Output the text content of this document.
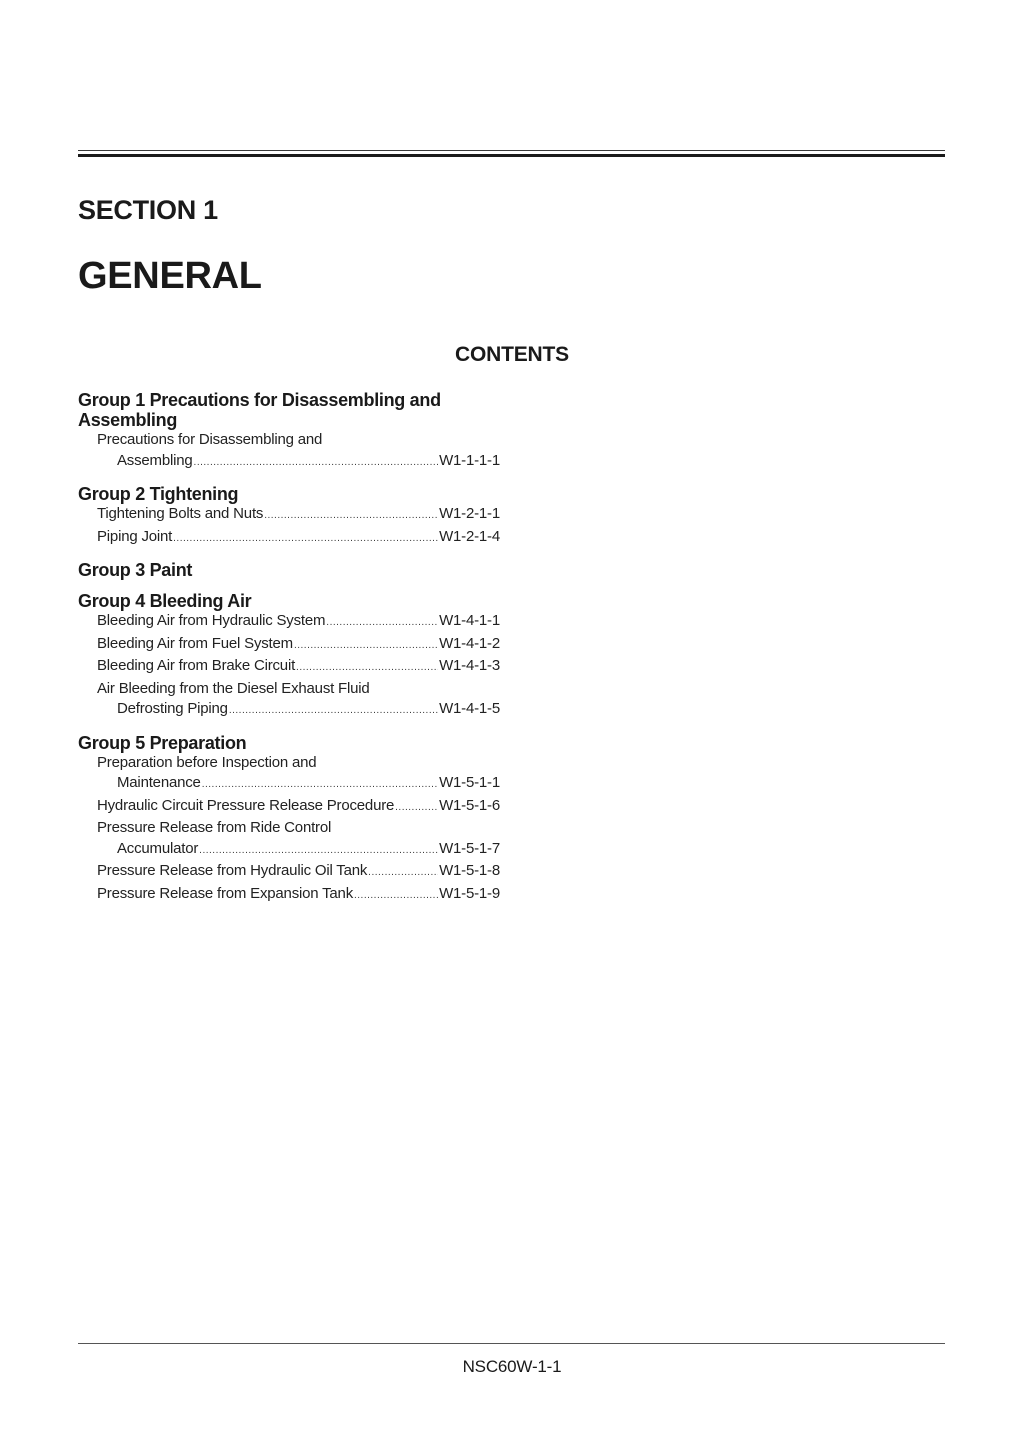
SECTION 1
GENERAL
CONTENTS
Group 1 Precautions for Disassembling and
Assembling
Precautions for Disassembling and
Assembling .....	W1-1-1-1
Group 2 Tightening
Tightening Bolts and Nuts .....	W1-2-1-1
Piping Joint .....	W1-2-1-4
Group 3 Paint
Group 4 Bleeding Air
Bleeding Air from Hydraulic System .....	W1-4-1-1
Bleeding Air from Fuel System .....	W1-4-1-2
Bleeding Air from Brake Circuit .....	W1-4-1-3
Air Bleeding from the Diesel Exhaust Fluid
Defrosting Piping .....	W1-4-1-5
Group 5 Preparation
Preparation before Inspection and
Maintenance .....	W1-5-1-1
Hydraulic Circuit Pressure Release Procedure .....	W1-5-1-6
Pressure Release from Ride Control
Accumulator .....	W1-5-1-7
Pressure Release from Hydraulic Oil Tank .....	W1-5-1-8
Pressure Release from Expansion Tank .....	W1-5-1-9
NSC60W-1-1
